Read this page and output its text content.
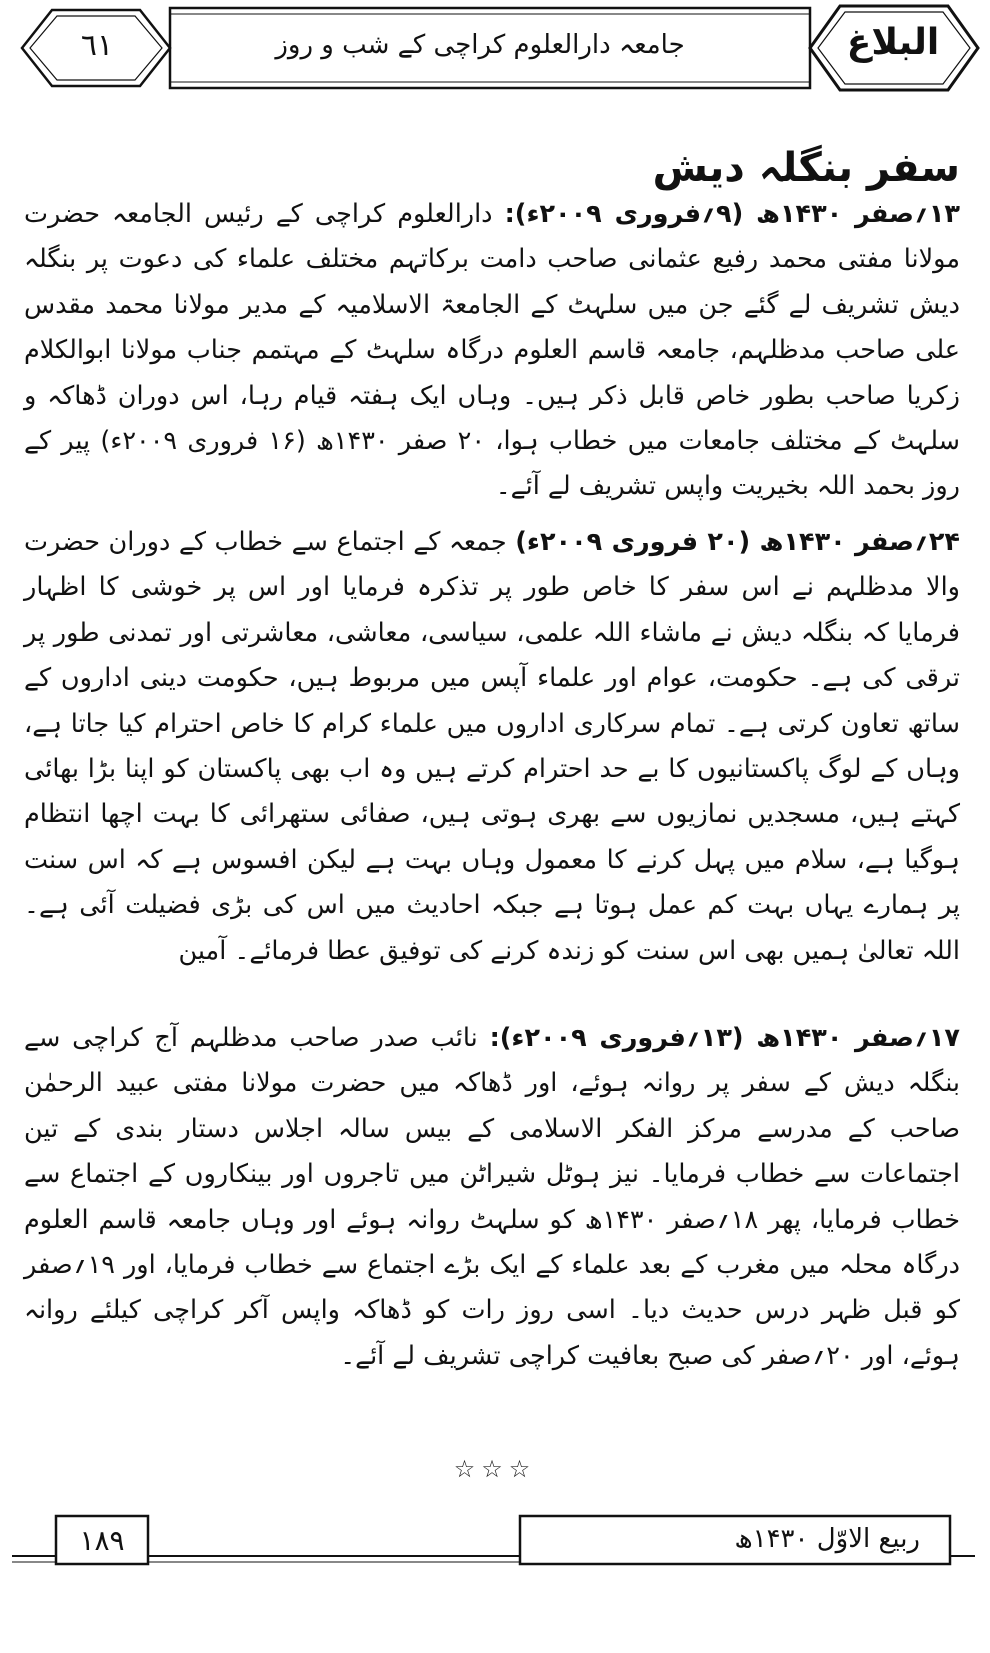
٦١	جامعہ دارالعلوم کراچی کے شب و روز	البلاغ
سفر بنگلہ دیش

۱۳؍صفر ۱۴۳۰ھ (۹؍فروری ۲۰۰۹ء): دارالعلوم کراچی کے رئیس الجامعہ حضرت مولانا مفتی محمد رفیع عثمانی صاحب دامت برکاتہم مختلف علماء کی دعوت پر بنگلہ دیش تشریف لے گئے جن میں سلہٹ کے الجامعۃ الاسلامیہ کے مدیر مولانا محمد مقدس علی صاحب مدظلہم، جامعہ قاسم العلوم درگاہ سلہٹ کے مہتمم جناب مولانا ابوالکلام زکریا صاحب بطور خاص قابل ذکر ہیں۔ وہاں ایک ہفتہ قیام رہا، اس دوران ڈھاکہ و سلہٹ کے مختلف جامعات میں خطاب ہوا، ۲۰ صفر ۱۴۳۰ھ (۱۶ فروری ۲۰۰۹ء) پیر کے روز بحمد اللہ بخیریت واپس تشریف لے آئے۔

۲۴؍صفر ۱۴۳۰ھ (۲۰ فروری ۲۰۰۹ء) جمعہ کے اجتماع سے خطاب کے دوران حضرت والا مدظلہم نے اس سفر کا خاص طور پر تذکرہ فرمایا اور اس پر خوشی کا اظہار فرمایا کہ بنگلہ دیش نے ماشاء اللہ علمی، سیاسی، معاشی، معاشرتی اور تمدنی طور پر ترقی کی ہے۔ حکومت، عوام اور علماء آپس میں مربوط ہیں، حکومت دینی اداروں کے ساتھ تعاون کرتی ہے۔ تمام سرکاری اداروں میں علماء کرام کا خاص احترام کیا جاتا ہے، وہاں کے لوگ پاکستانیوں کا بے حد احترام کرتے ہیں وہ اب بھی پاکستان کو اپنا بڑا بھائی کہتے ہیں، مسجدیں نمازیوں سے بھری ہوتی ہیں، صفائی ستھرائی کا بہت اچھا انتظام ہوگیا ہے، سلام میں پہل کرنے کا معمول وہاں بہت ہے لیکن افسوس ہے کہ اس سنت پر ہمارے یہاں بہت کم عمل ہوتا ہے جبکہ احادیث میں اس کی بڑی فضیلت آئی ہے۔ اللہ تعالیٰ ہمیں بھی اس سنت کو زندہ کرنے کی توفیق عطا فرمائے۔ آمین

۱۷؍صفر ۱۴۳۰ھ (۱۳؍فروری ۲۰۰۹ء): نائب صدر صاحب مدظلہم آج کراچی سے بنگلہ دیش کے سفر پر روانہ ہوئے، اور ڈھاکہ میں حضرت مولانا مفتی عبید الرحمٰن صاحب کے مدرسے مرکز الفکر الاسلامی کے بیس سالہ اجلاس دستار بندی کے تین اجتماعات سے خطاب فرمایا۔ نیز ہوٹل شیراٹن میں تاجروں اور بینکاروں کے اجتماع سے خطاب فرمایا، پھر ۱۸؍صفر ۱۴۳۰ھ کو سلہٹ روانہ ہوئے اور وہاں جامعہ قاسم العلوم درگاہ محلہ میں مغرب کے بعد علماء کے ایک بڑے اجتماع سے خطاب فرمایا، اور ۱۹؍صفر کو قبل ظہر درس حدیث دیا۔ اسی روز رات کو ڈھاکہ واپس آکر کراچی کیلئے روانہ ہوئے، اور ۲۰؍صفر کی صبح بعافیت کراچی تشریف لے آئے۔

☆☆☆
۱۸۹	ربیع الاوّل ۱۴۳۰ھ
